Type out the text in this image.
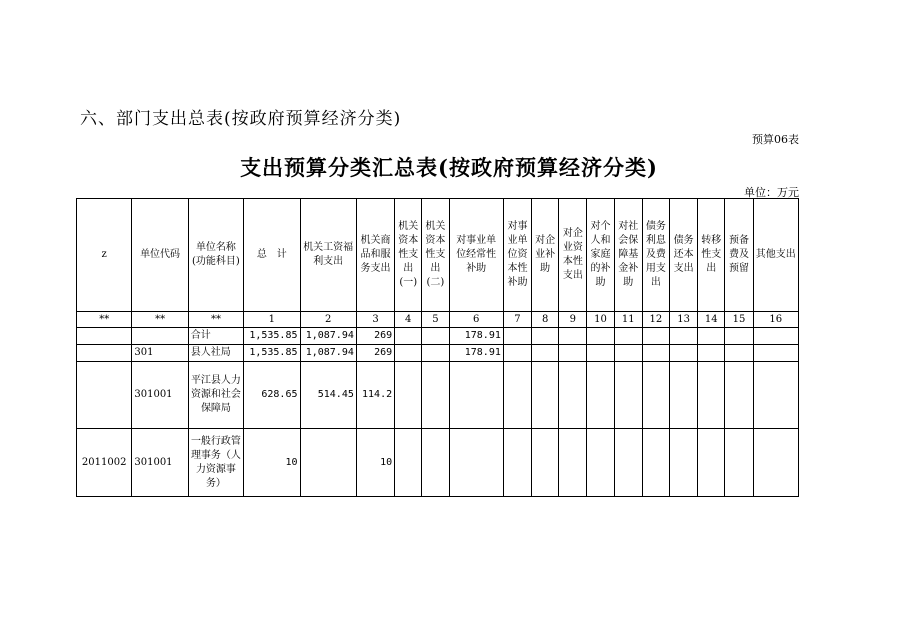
六、部门支出总表(按政府预算经济分类)
预算06表
支出预算分类汇总表(按政府预算经济分类)
单位：万元
z	单位代码	单位名称(功能科目)	总　计	机关工资福利支出	机关商品和服务支出	机关资本性支出(一)	机关资本性支出(二)	对事业单位经常性补助	对事业单位资本性补助	对企业补助	对企业资本性支出	对个人和家庭的补助	对社会保障基金补助	债务利息及费用支出	债务还本支出	转移性支出	预备费及预留	其他支出
**	**	**	1	2	3	4	5	6	7	8	9	10	11	12	13	14	15	16
		合计	1,535.85	1,087.94	269			178.91										
	301	县人社局	1,535.85	1,087.94	269			178.91										
	301001	平江县人力资源和社会保障局	628.65	514.45	114.2													
2011002	301001	一般行政管理事务（人力资源事务）	10		10													
